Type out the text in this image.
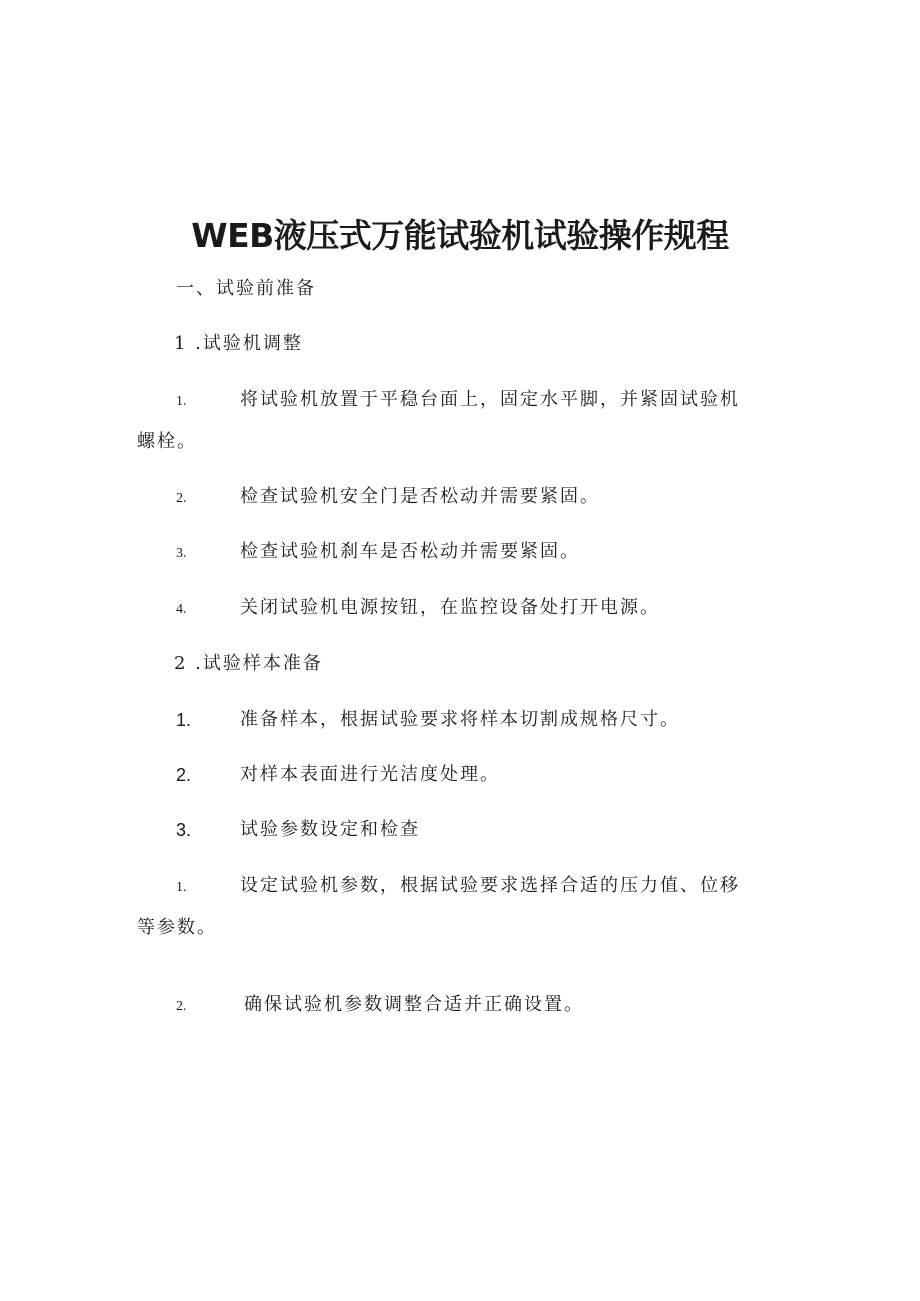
WEB液压式万能试验机试验操作规程
一、试验前准备
1 .试验机调整
1.	将试验机放置于平稳台面上，固定水平脚，并紧固试验机
螺栓。
2.	检查试验机安全门是否松动并需要紧固。
3.	检查试验机刹车是否松动并需要紧固。
4.	关闭试验机电源按钮，在监控设备处打开电源。
2 .试验样本准备
1.	准备样本，根据试验要求将样本切割成规格尺寸。
2.	对样本表面进行光洁度处理。
3.	试验参数设定和检查
1.	设定试验机参数，根据试验要求选择合适的压力值、位移
等参数。
2.	确保试验机参数调整合适并正确设置。
